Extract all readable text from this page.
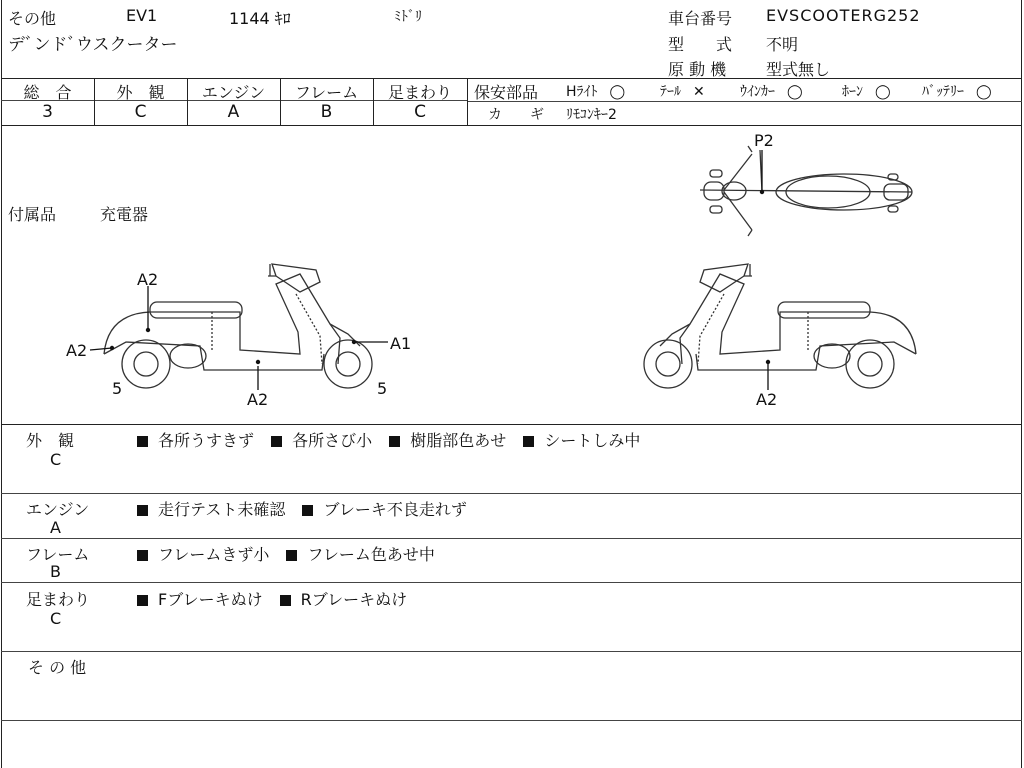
その他	EV1	1144 ｷﾛ	ﾐﾄﾞﾘ
デﾞンドﾞウスクーター
車台番号 EVSCOOTERG252
型　　式 不明
原 動 機 型式無し
総　合	外　観	エンジン	フレーム	足まわり
3	C	A	B	C
保安部品 Hﾗｲﾄ ◯ ﾃｰﾙ ✕	ｳｲﾝｶｰ ◯	ﾎｰﾝ ◯ ﾊﾞｯﾃﾘｰ ◯
カ　　ギ ﾘﾓｺﾝｷｰ2
付属品	充電器
P2
A2
A2	A1
5	5
A2	A2
外　観
C
各所うすきず 各所さび小 樹脂部色あせ シートしみ中
エンジン
A
走行テスト未確認 ブレーキ不良走れず
フレーム
B
フレームきず小 フレーム色あせ中
足まわり
C
Fブレーキぬけ Rブレーキぬけ
そ の 他
